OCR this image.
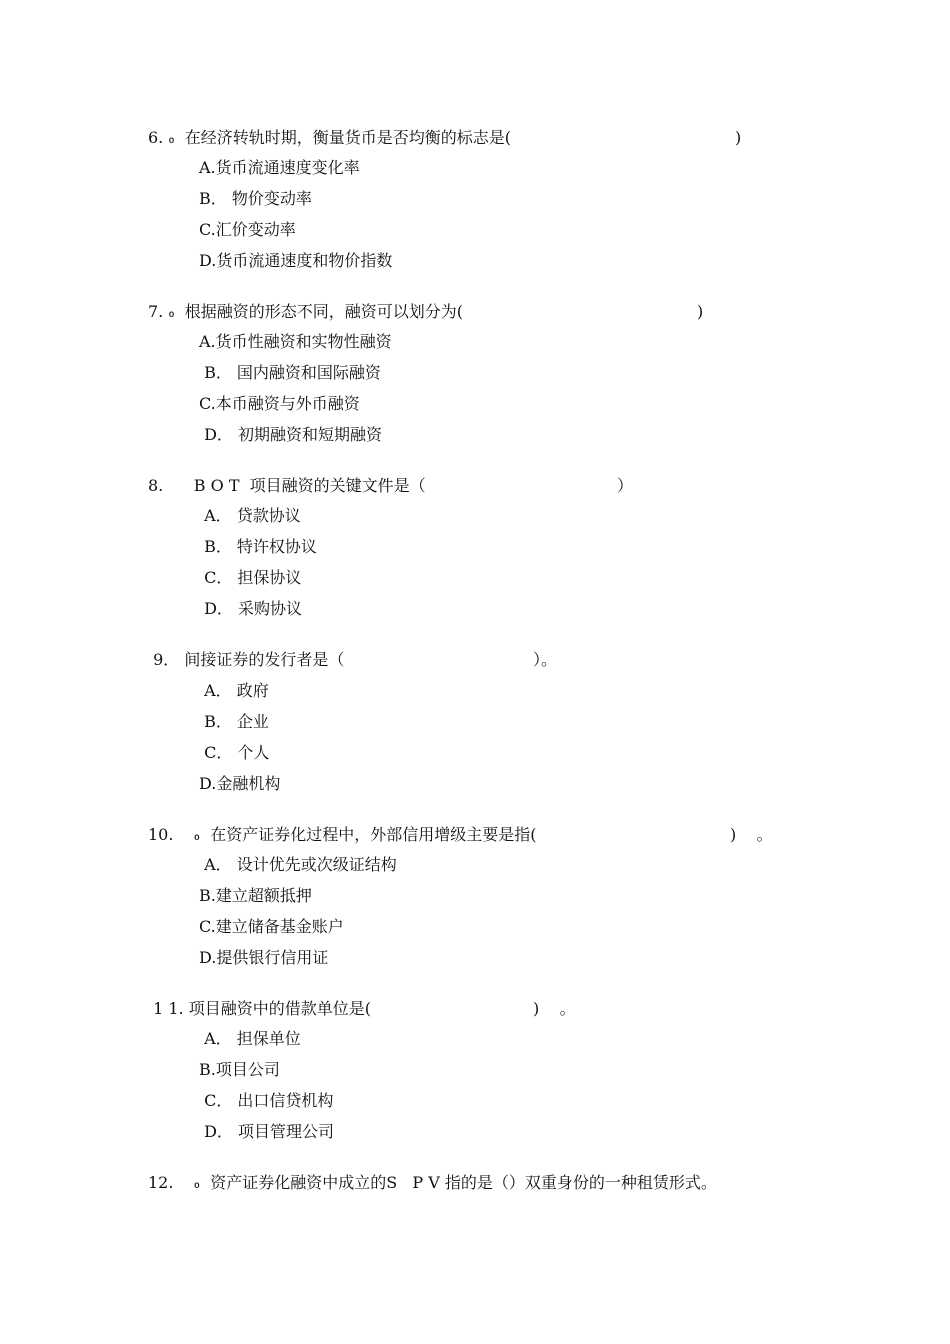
6. ៰  在经济转轨时期，衡量货币是否均衡的标志是(	)
A.货币流通速度变化率
B． 物价变动率
C.汇价变动率
D.货币流通速度和物价指数
7. ៰  根据融资的形态不同，融资可以划分为(	)
A.货币性融资和实物性融资
B． 国内融资和国际融资
C.本币融资与外币融资
D． 初期融资和短期融资
8.      B O T  项目融资的关键文件是（	）
A． 贷款协议
B． 特许权协议
C． 担保协议
D． 采购协议
9． 间接证券的发行者是（	）。
A． 政府
B． 企业
C． 个人
D.金融机构
10.    ៰  在资产证券化过程中，外部信用增级主要是指(	)    。
A． 设计优先或次级证结构
B.建立超额抵押
C.建立储备基金账户
D.提供银行信用证
1 1. 项目融资中的借款单位是(	)    。
A． 担保单位
B.项目公司
C． 出口信贷机构
D． 项目管理公司
12.    ៰  资产证券化融资中成立的S   P V 指的是（）双重身份的一种租赁形式。
